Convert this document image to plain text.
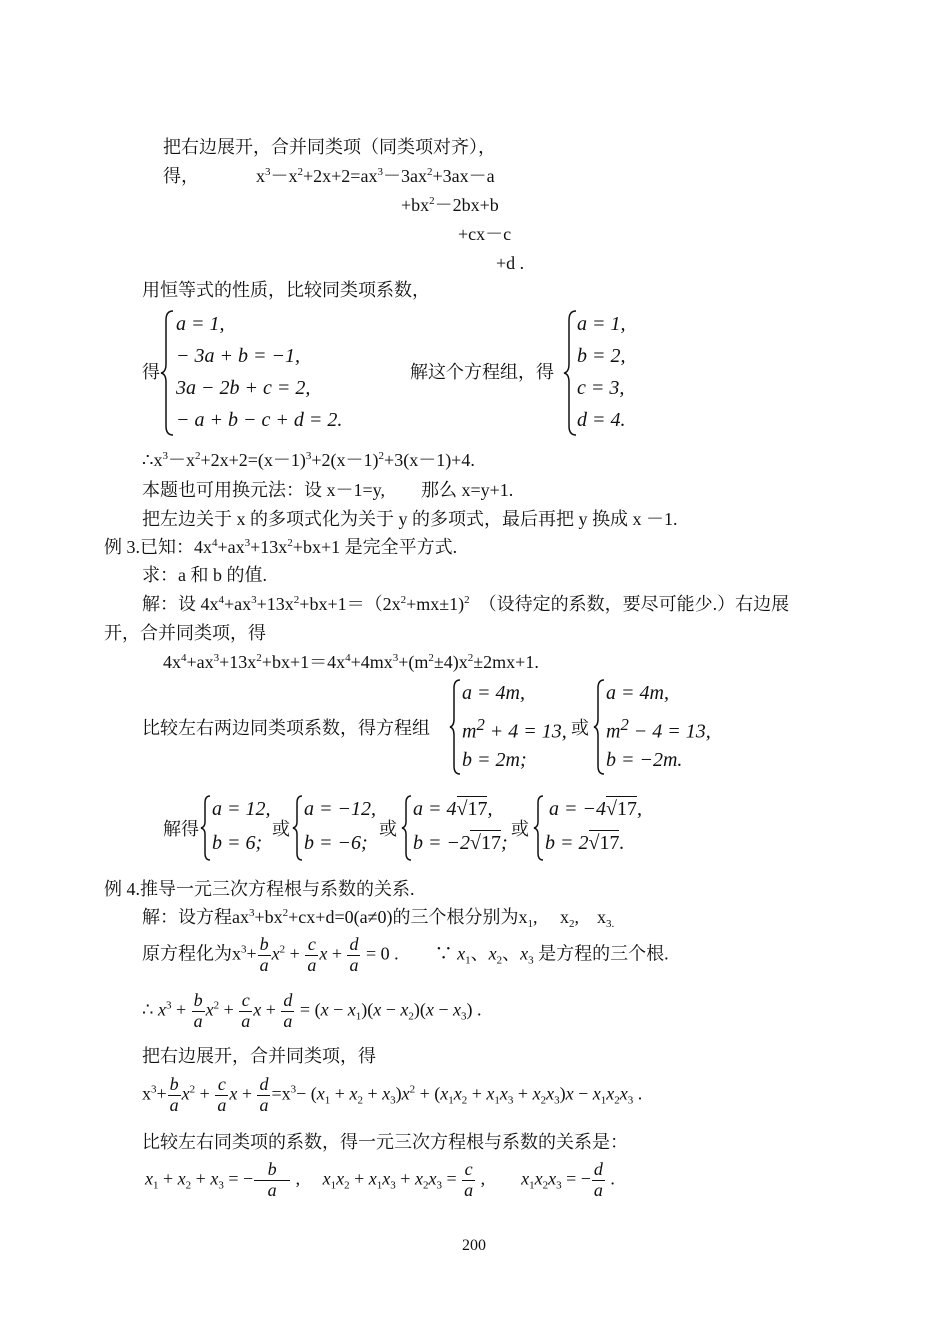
把右边展开，合并同类项（同类项对齐），
得，	$x^3-x^2+2x+2=ax^3-3ax^2+3ax-a$
$+bx^2-2bx+b$
+cx－c
+d .
用恒等式的性质，比较同类项系数，
得
a = 1,
− 3a + b = −1,
3a − 2b + c = 2,
− a + b − c + d = 2.
解这个方程组，得
a = 1,
b = 2,
c = 3,
d = 4.
$\therefore x^3-x^2+2x+2=(x-1)^3+2(x-1)^2+3(x-1)+4$.
本题也可用换元法：设 x－1=y,　　那么 x=y+1.
把左边关于 x 的多项式化为关于 y 的多项式，最后再把 y 换成 x －1.
例 3.已知：$4x^4+ax^3+13x^2+bx+1$ 是完全平方式.
求：a 和 b 的值.
解：设 $4x^4+ax^3+13x^2+bx+1=(2x^2+mx\pm 1)^2$　 （设待定的系数，要尽可能少.）右边展
开，合并同类项，得
$4x^4+ax^3+13x^2+bx+1=4x^4+4mx^3+(m^2\pm 4)x^2\pm 2mx+1$.
比较左右两边同类项系数，得方程组
a = 4m,
$m^2 + 4 = 13$,
b = 2m;
或
a = 4m,
$m^2 - 4 = 13$,
b = −2m.
解得
a = 12,
b = 6;
或
a = −12,
b = −6;
或
a = 4√17,
b = −2√17;
或
a = −4√17,
b = 2√17.
例 4.推导一元三次方程根与系数的关系.
解：设方程$ax^3+bx^2+cx+d=0(a\ne 0)$的三个根分别为$x_1$,　 $x_2$,　$x_{3.}$
原方程化为$x^3+ \frac{b}{a} x^2 + \frac{c}{a}$ $x + \frac{d}{a} = 0$ .　　∵ $x_1$、$x_2$、$x_3$ 是方程的三个根.
∴ $x^3 + \frac{b}{a} x^2 + \frac{c}{a}$ $x + \frac{d}{a} = (x - x_1)(x - x_2)(x - x_3)$ .
把右边展开，合并同类项，得
$x^3+ \frac{b}{a} x^2 + \frac{c}{a}$ $x + \frac{d}{a} =x^3- (x_1 + x_2 + x_3)x^2 + (x_1x_2 + x_1x_3 + x_2x_3)x - x_1x_2x_3$ .
比较左右同类项的系数，得一元三次方程根与系数的关系是：
$x_1 + x_2 + x_3$ = − $\frac{b}{a}$ ,　 $x_1x_2 + x_1x_3 + x_2x_3 = \frac{c}{a}$ ,　　$x_1x_2x_3$ = − $\frac{d}{a}$ .
200
